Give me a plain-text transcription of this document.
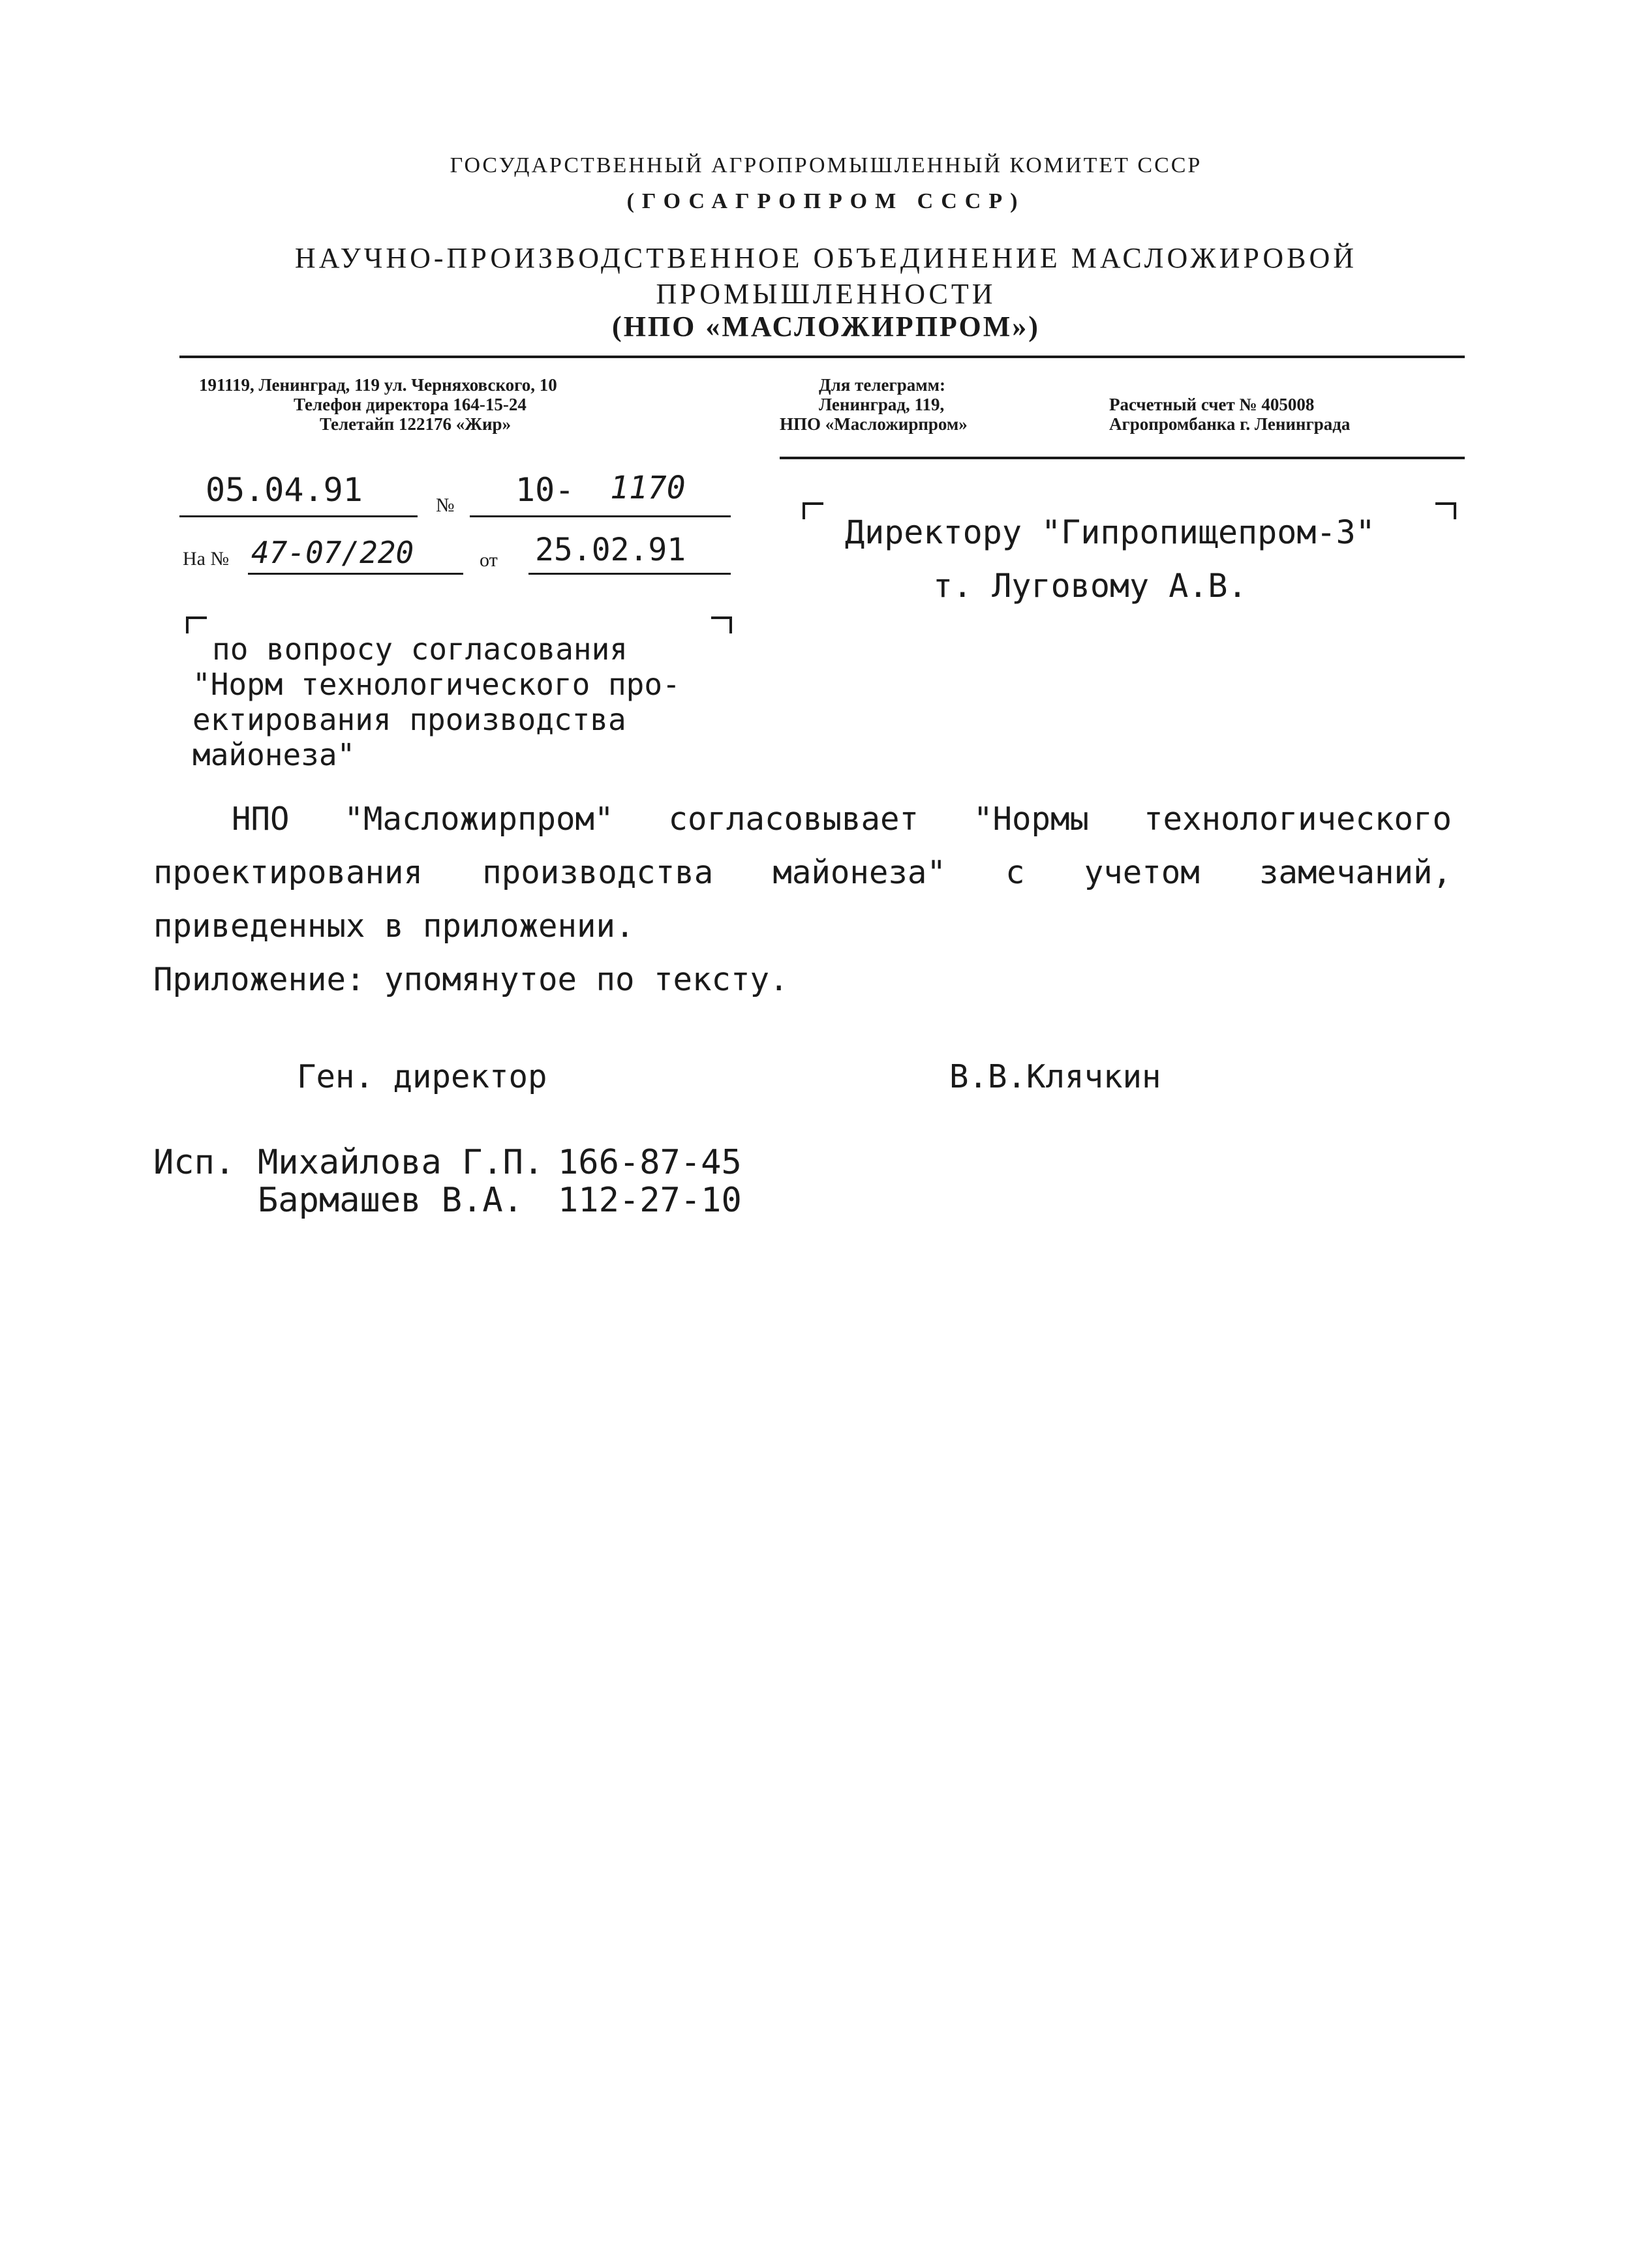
ГОСУДАРСТВЕННЫЙ АГРОПРОМЫШЛЕННЫЙ КОМИТЕТ СССР
(ГОСАГРОПРОМ СССР)
НАУЧНО-ПРОИЗВОДСТВЕННОЕ ОБЪЕДИНЕНИЕ МАСЛОЖИРОВОЙ
ПРОМЫШЛЕННОСТИ
(НПО «МАСЛОЖИРПРОМ»)
191119, Ленинград, 119 ул. Черняховского, 10
Телефон директора 164-15-24
Телетайп 122176 «Жир»
Для телеграмм:
Ленинград, 119,
НПО «Масложирпром»
Расчетный счет № 405008
Агропромбанка г. Ленинграда
05.04.91	№ 10- 1170
На № 47-07/220	от 25.02.91	Директору "Гипропищепром-3"
т. Луговому А.В.
по вопросу согласования
"Норм технологического про-
ектирования производства
майонеза"
НПО "Масложирпром" согласовывает "Нормы технологического проектирования производства майонеза" с учетом замечаний, приведенных в приложении.
Приложение: упомянутое по тексту.
Ген. директор	В.В.Клячкин
Исп. Михайлова Г.П. 166-87-45
Бармашев В.А. 112-27-10
